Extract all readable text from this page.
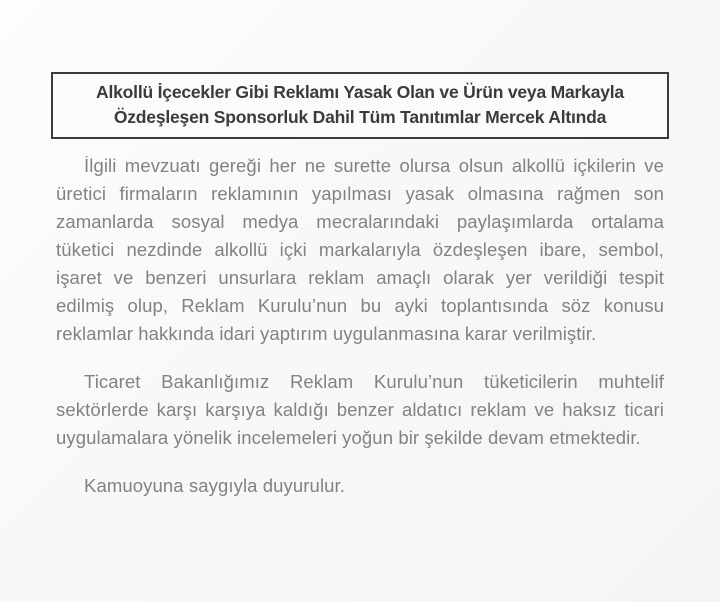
Alkollü İçecekler Gibi Reklamı Yasak Olan ve Ürün veya Markayla
Özdeşleşen Sponsorluk Dahil Tüm Tanıtımlar Mercek Altında

İlgili mevzuatı gereği her ne surette olursa olsun alkollü içkilerin ve üretici firmaların reklamının yapılması yasak olmasına rağmen son zamanlarda sosyal medya mecralarındaki paylaşımlarda ortalama tüketici nezdinde alkollü içki markalarıyla özdeşleşen ibare, sembol, işaret ve benzeri unsurlara reklam amaçlı olarak yer verildiği tespit edilmiş olup, Reklam Kurulu’nun bu ayki toplantısında söz konusu reklamlar hakkında idari yaptırım uygulanmasına karar verilmiştir.

Ticaret Bakanlığımız Reklam Kurulu’nun tüketicilerin muhtelif sektörlerde karşı karşıya kaldığı benzer aldatıcı reklam ve haksız ticari uygulamalara yönelik incelemeleri yoğun bir şekilde devam etmektedir.

Kamuoyuna saygıyla duyurulur.
